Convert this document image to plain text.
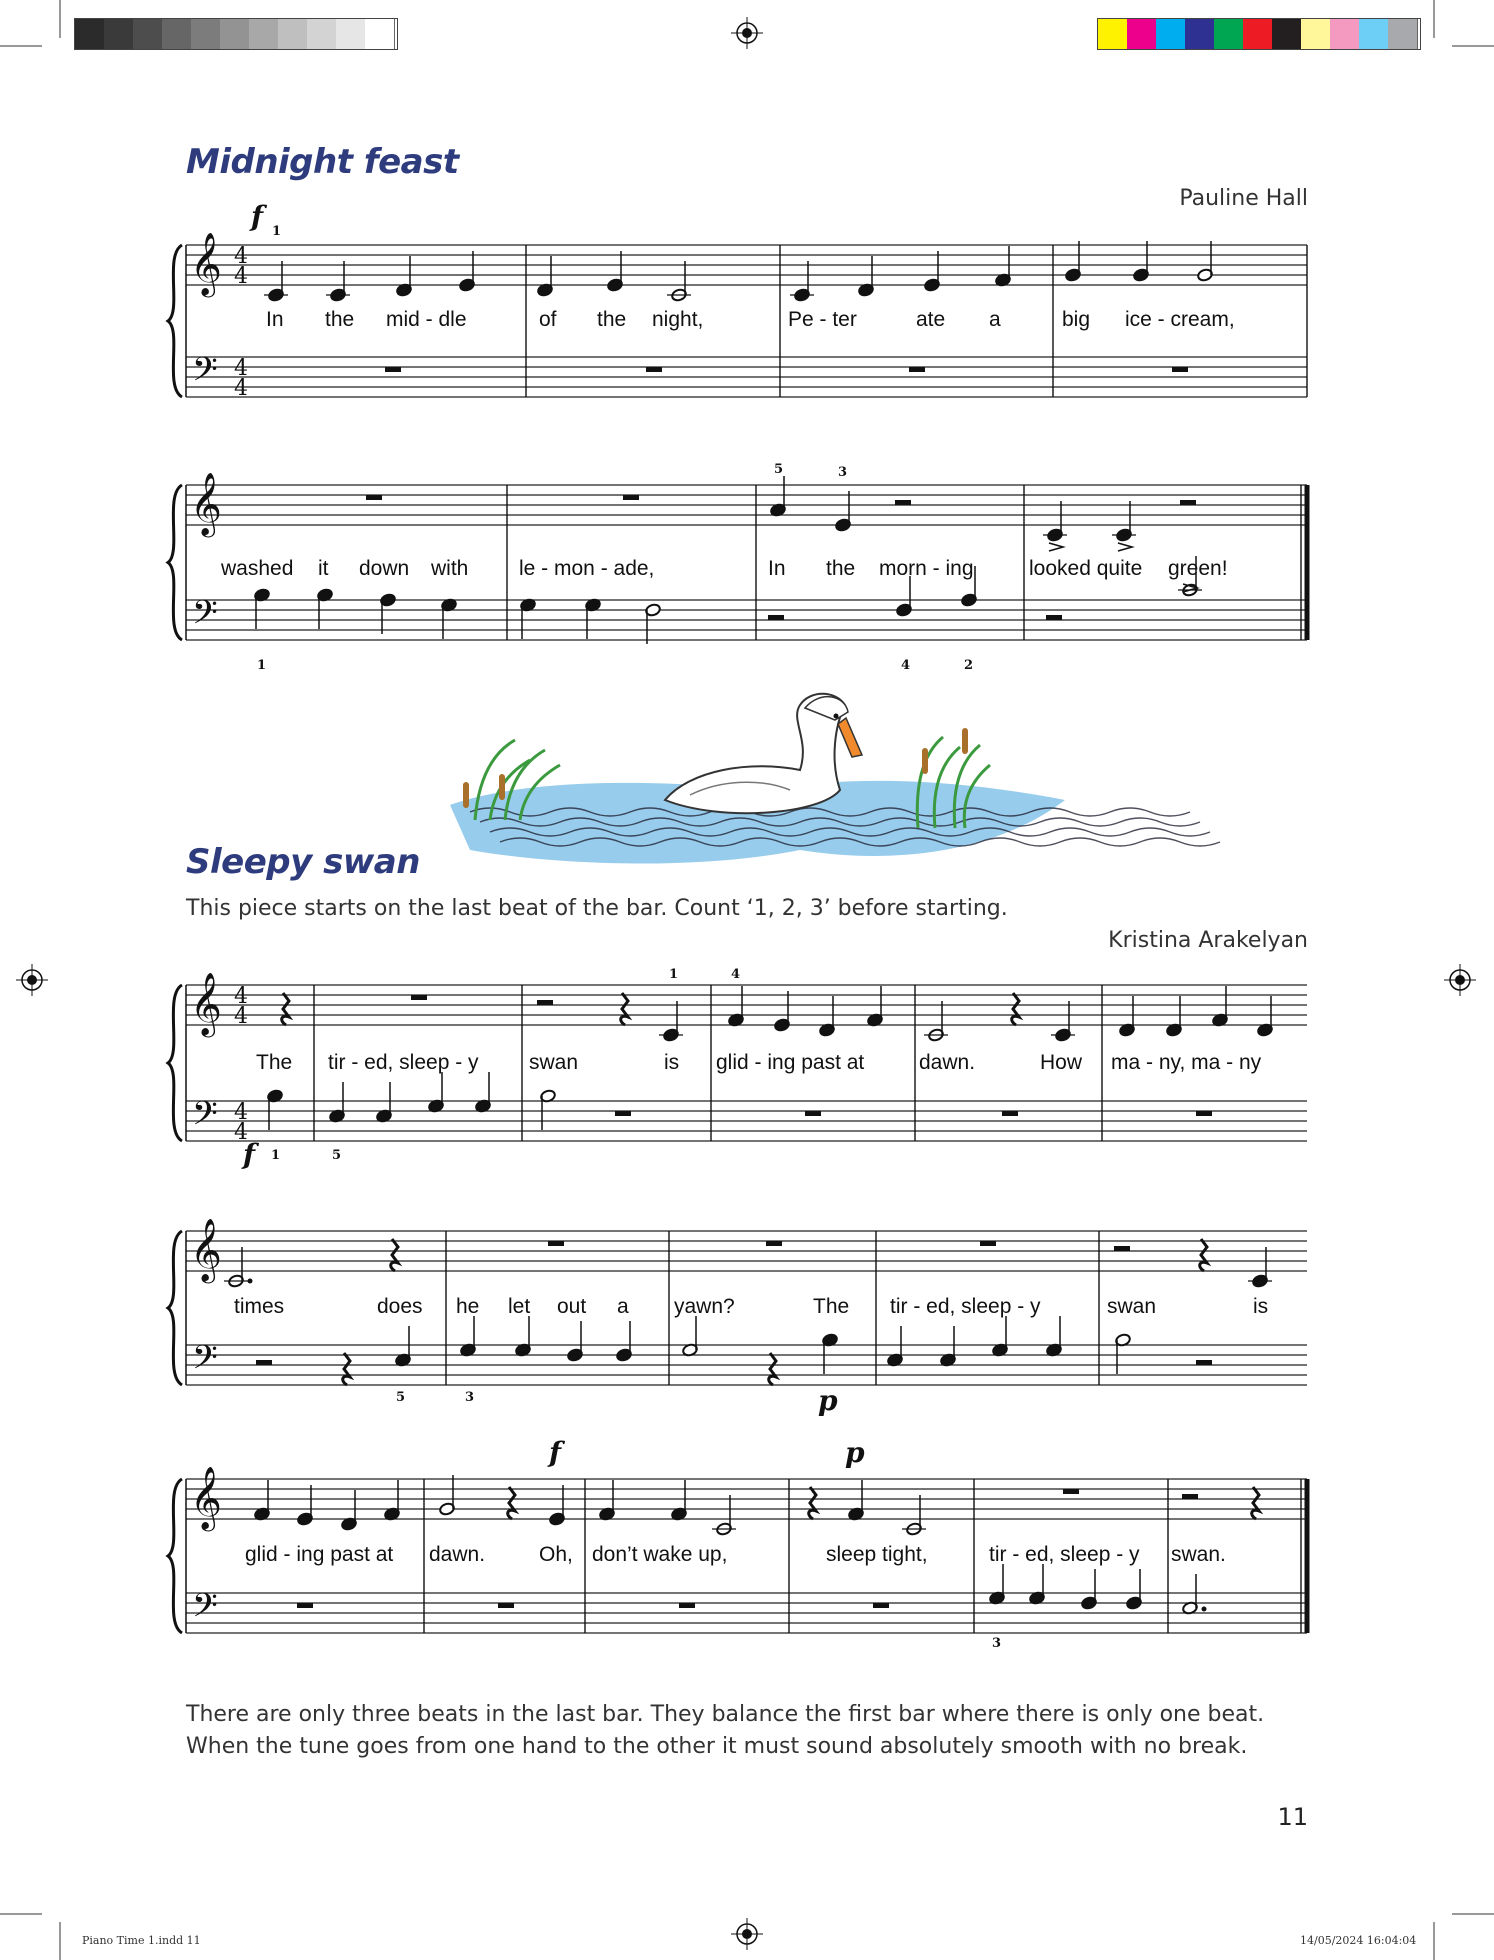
Midnight feast
Pauline Hall
Sleepy swan
This piece starts on the last beat of the bar. Count ‘1, 2, 3’ before starting.
Kristina Arakelyan
There are only three beats in the last bar. They balance the first bar where there is only one beat.
When the tune goes from one hand to the other it must sound absolutely smooth with no break.
11
Piano Time 1.indd 11	14/05/2024 16:04:04
f
f
p
f	p
1
5	3
1	4	2
1	4
1	5
5	3
3
In the mid - dle	of the night,	Pe - ter	ate a	big ice - cream,
washed it down with le - mon - ade,	In the morn - ing	looked quite green!
The tir - ed, sleep - y swan	is glid - ing past at	dawn.	How ma - ny, ma - ny
times	does he let out a yawn?	The tir - ed, sleep - y	swan	is
glid - ing past at dawn.	Oh, don’t wake up,	sleep tight,	tir - ed, sleep - y swan.
𝄞
𝄢
4
4
4
4
𝄞
𝄢
𝄞
𝄢
4
4
4
4
𝄞
𝄢
𝄞
𝄢
